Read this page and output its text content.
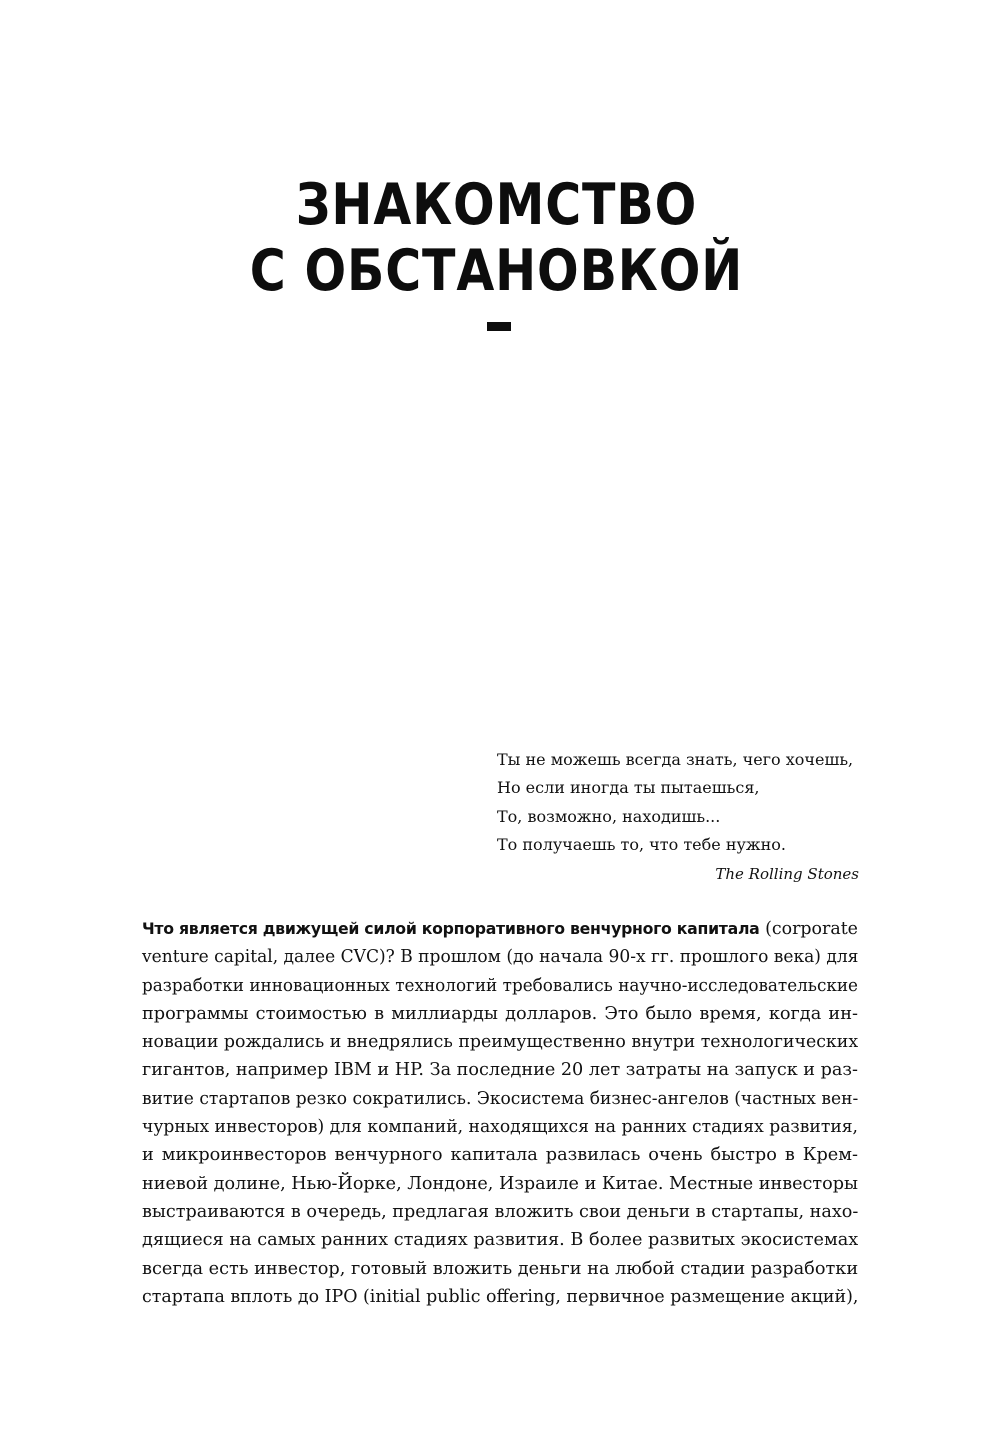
ЗНАКОМСТВО
С ОБСТАНОВКОЙ
Ты не можешь всегда знать, чего хочешь,
Но если иногда ты пытаешься,
То, возможно, находишь...
То получаешь то, что тебе нужно.
The Rolling Stones
Что является движущей силой корпоративного венчурного капитала (corporate
venture capital, далее CVC)? В прошлом (до начала 90-х гг. прошлого века) для
разработки инновационных технологий требовались научно-исследовательские
программы стоимостью в миллиарды долларов. Это было время, когда ин-
новации рождались и внедрялись преимущественно внутри технологических
гигантов, например IBM и HP. За последние 20 лет затраты на запуск и раз-
витие стартапов резко сократились. Экосистема бизнес-ангелов (частных вен-
чурных инвесторов) для компаний, находящихся на ранних стадиях развития,
и микроинвесторов венчурного капитала развилась очень быстро в Крем-
ниевой долине, Нью-Йорке, Лондоне, Израиле и Китае. Местные инвесторы
выстраиваются в очередь, предлагая вложить свои деньги в стартапы, нахо-
дящиеся на самых ранних стадиях развития. В более развитых экосистемах
всегда есть инвестор, готовый вложить деньги на любой стадии разработки
стартапа вплоть до IPO (initial public offering, первичное размещение акций),
